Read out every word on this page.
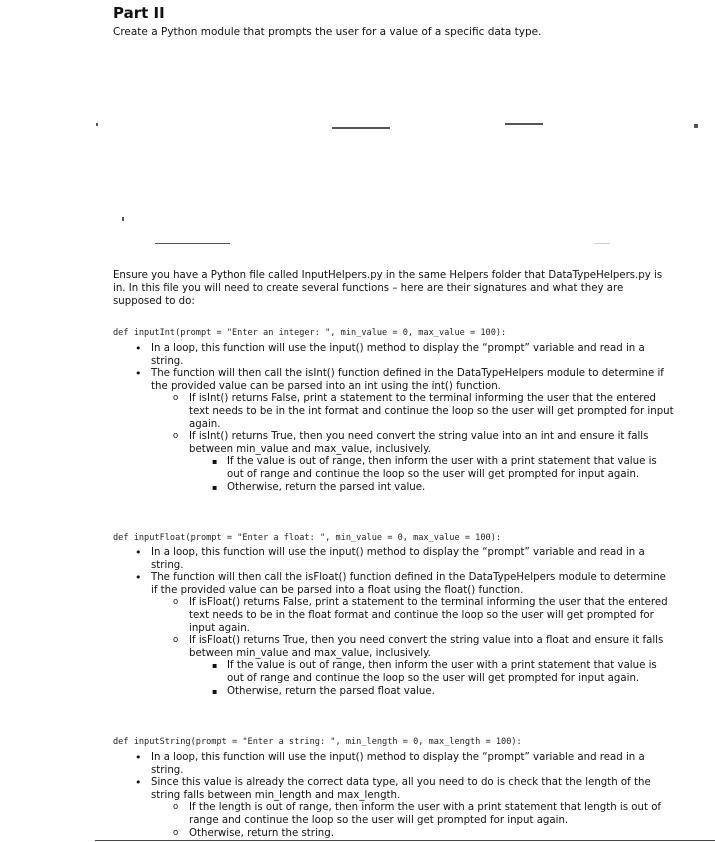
Part II
Create a Python module that prompts the user for a value of a specific data type.
Ensure you have a Python file called InputHelpers.py in the same Helpers folder that DataTypeHelpers.py is in. In this file you will need to create several functions – here are their signatures and what they are supposed to do:
def inputInt(prompt = "Enter an integer: ", min_value = 0, max_value = 100):
• In a loop, this function will use the input() method to display the “prompt” variable and read in a string.
• The function will then call the isInt() function defined in the DataTypeHelpers module to determine if the provided value can be parsed into an int using the int() function.
o If isInt() returns False, print a statement to the terminal informing the user that the entered text needs to be in the int format and continue the loop so the user will get prompted for input again.
o If isInt() returns True, then you need convert the string value into an int and ensure it falls between min_value and max_value, inclusively.
▪ If the value is out of range, then inform the user with a print statement that value is out of range and continue the loop so the user will get prompted for input again.
▪ Otherwise, return the parsed int value.
def inputFloat(prompt = "Enter a float: ", min_value = 0, max_value = 100):
• In a loop, this function will use the input() method to display the “prompt” variable and read in a string.
• The function will then call the isFloat() function defined in the DataTypeHelpers module to determine if the provided value can be parsed into a float using the float() function.
o If isFloat() returns False, print a statement to the terminal informing the user that the entered text needs to be in the float format and continue the loop so the user will get prompted for input again.
o If isFloat() returns True, then you need convert the string value into a float and ensure it falls between min_value and max_value, inclusively.
▪ If the value is out of range, then inform the user with a print statement that value is out of range and continue the loop so the user will get prompted for input again.
▪ Otherwise, return the parsed float value.
def inputString(prompt = "Enter a string: ", min_length = 0, max_length = 100):
• In a loop, this function will use the input() method to display the “prompt” variable and read in a string.
• Since this value is already the correct data type, all you need to do is check that the length of the string falls between min_length and max_length.
o If the length is out of range, then inform the user with a print statement that length is out of range and continue the loop so the user will get prompted for input again.
o Otherwise, return the string.
